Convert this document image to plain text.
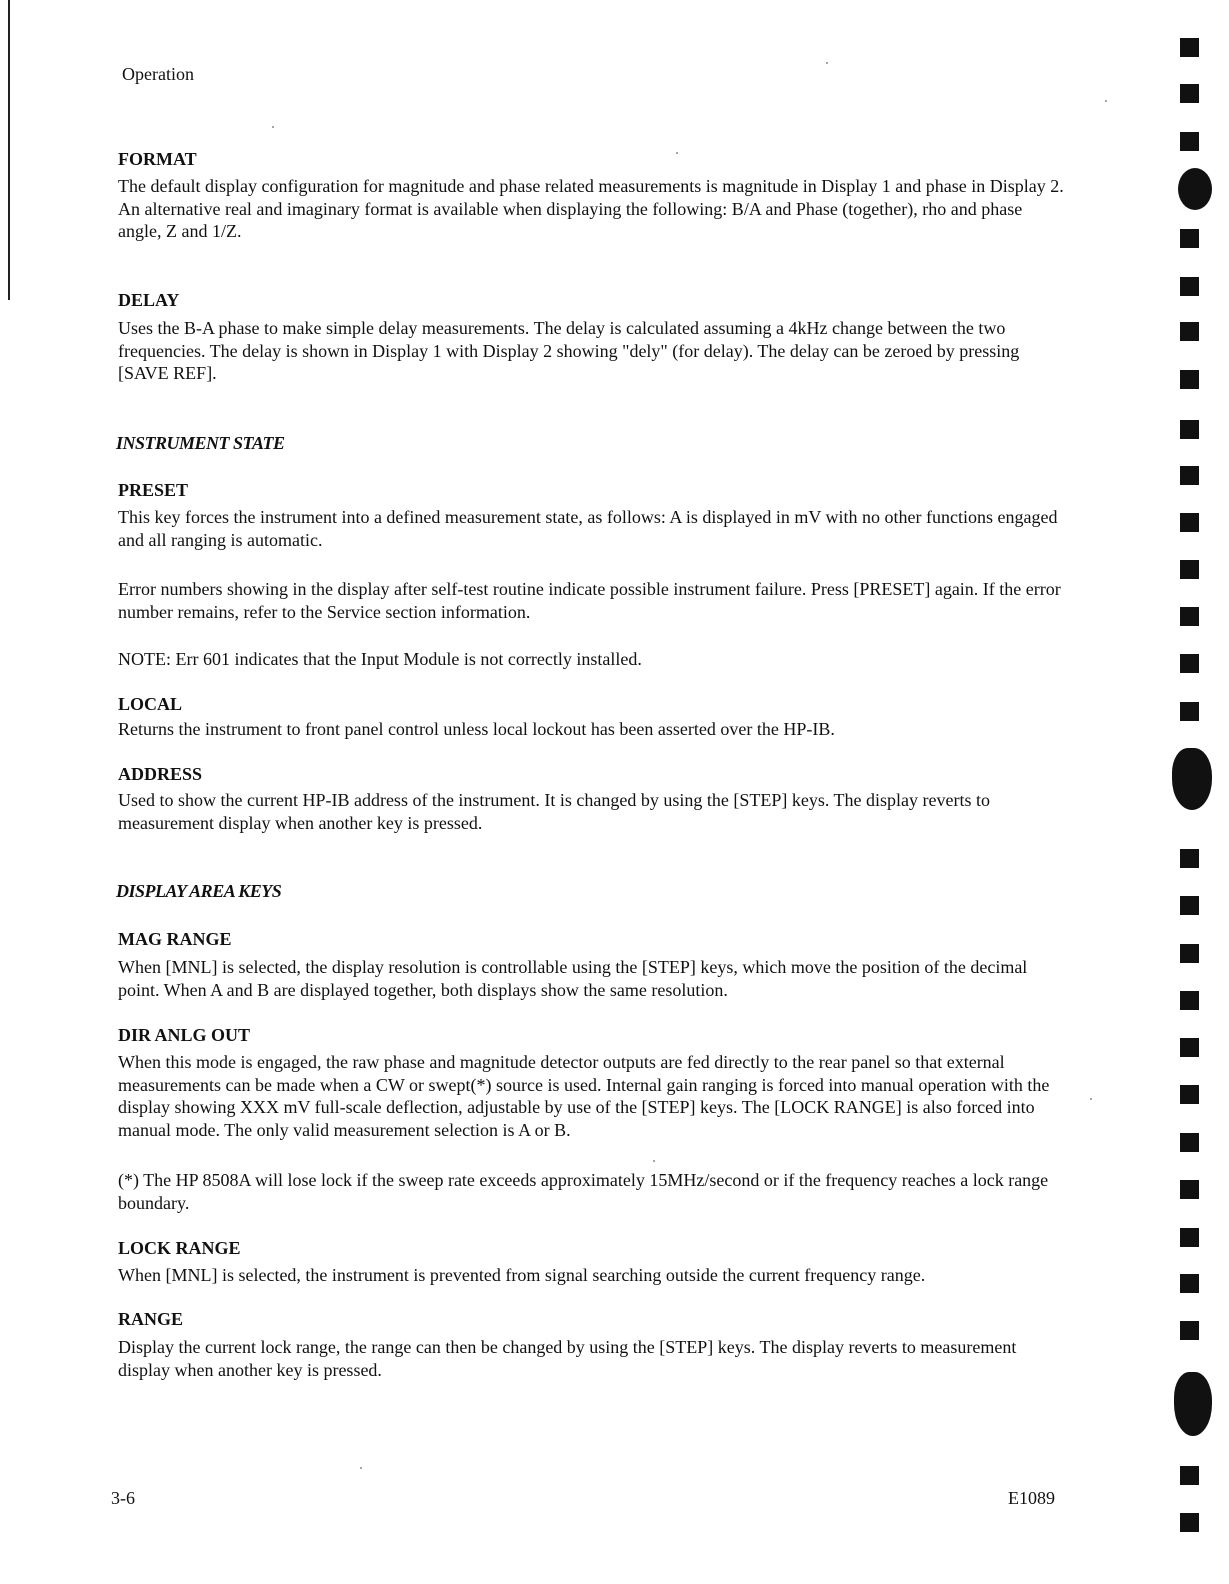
Operation
FORMAT
The default display configuration for magnitude and phase related measurements is magnitude in Display 1 and phase in Display 2. An alternative real and imaginary format is available when displaying the following: B/A and Phase (together), rho and phase angle, Z and 1/Z.
DELAY
Uses the B-A phase to make simple delay measurements. The delay is calculated assuming a 4kHz change between the two frequencies. The delay is shown in Display 1 with Display 2 showing "dely" (for delay). The delay can be zeroed by pressing [SAVE REF].
INSTRUMENT STATE
PRESET
This key forces the instrument into a defined measurement state, as follows: A is displayed in mV with no other functions engaged and all ranging is automatic.
Error numbers showing in the display after self-test routine indicate possible instrument failure. Press [PRESET] again. If the error number remains, refer to the Service section information.
NOTE: Err 601 indicates that the Input Module is not correctly installed.
LOCAL
Returns the instrument to front panel control unless local lockout has been asserted over the HP-IB.
ADDRESS
Used to show the current HP-IB address of the instrument. It is changed by using the [STEP] keys. The display reverts to measurement display when another key is pressed.
DISPLAY AREA KEYS
MAG RANGE
When [MNL] is selected, the display resolution is controllable using the [STEP] keys, which move the position of the decimal point. When A and B are displayed together, both displays show the same resolution.
DIR ANLG OUT
When this mode is engaged, the raw phase and magnitude detector outputs are fed directly to the rear panel so that external measurements can be made when a CW or swept(*) source is used. Internal gain ranging is forced into manual operation with the display showing XXX mV full-scale deflection, adjustable by use of the [STEP] keys. The [LOCK RANGE] is also forced into manual mode. The only valid measurement selection is A or B.
(*) The HP 8508A will lose lock if the sweep rate exceeds approximately 15MHz/second or if the frequency reaches a lock range boundary.
LOCK RANGE
When [MNL] is selected, the instrument is prevented from signal searching outside the current frequency range.
RANGE
Display the current lock range, the range can then be changed by using the [STEP] keys. The display reverts to measurement display when another key is pressed.
3-6	E1089
